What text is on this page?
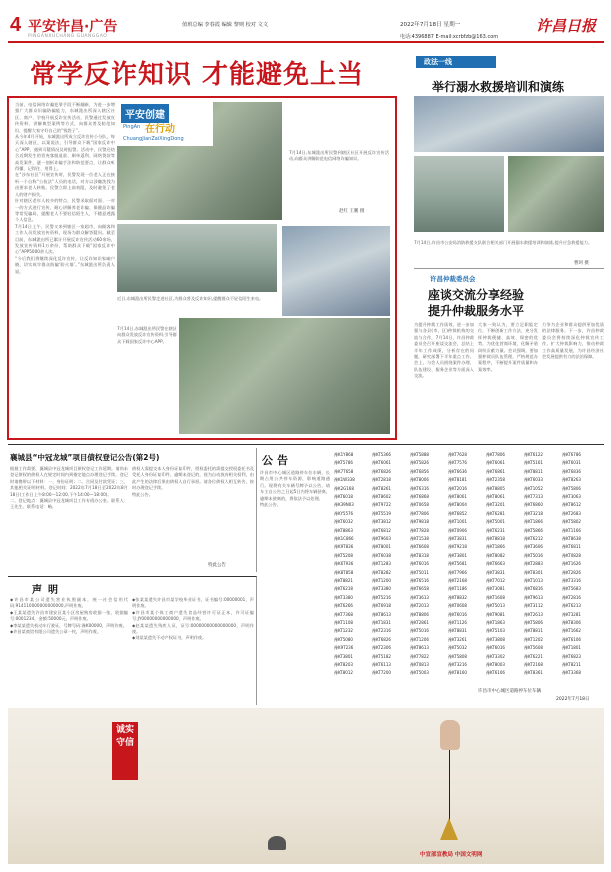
4 平安许昌·广告
PINGANXUCHANG GUANGGAO
值班总编 李春霞 编辑 黎则 校对 文文	2022年7月18日 星期一	许昌日报
电话:4396887 E-mail:xcrbfzb@163.com
常学反诈知识 才能避免上当
当前，电信网络诈骗犯罪手段不断翻新，为进一步增强广大群众识骗防骗能力，东城派出所深入辖区社区、商户、学校开展反诈宣传活动，民警通过发放宣传资料、讲解典型案例等方式，向群众普及防范知识，提醒大家守好自己的“钱袋子”。
从今年4月开始，东城派出所成立反诈宣传小分队，每天深入辖区，以案说法，引导群众下载“国家反诈中心”APP，遇到可疑情况及时报警。活动中，民警还结合近期发生的冒充客服退款、刷单返利、网络贷款等高发案件，逐一剖析诈骗手法和防范要点，让群众听得懂、记得住、用得上。
在“沙东社区”开展宣传时，民警发现一位老人正在接听一个自称“公检法”人员的电话，对方以涉嫌洗钱为由要求老人转账。民警立即上前劝阻，及时避免了老人的财产损失。
针对辖区老年人较多的特点，民警采取面对面、一对一的方式进行宣传，耐心讲解养老诈骗、保健品诈骗等常见骗局，提醒老人不要轻信陌生人，不随意透露个人信息。
7月14日上午，民警又来到辖区一家超市，向顾客和工作人员发放宣传资料，现场为群众解答疑问。截至目前，东城派出所已累计开展反诈宣传活动60余场，发放宣传资料1万余份，帮助群众下载“国家反诈中心”APP5000余人次。
“今后我们将继续深化反诈宣传，让反诈知识家喻户晓，切实筑牢群众防骗‘防火墙’。”东城派出所负责人说。
平安创建
PingAn 在行动
ChuangJianZaiXingDong
7月14日,东城派出所民警到辖区社区开展反诈宣传活动,向群众讲解防范电信网络诈骗知识。
赵红 王鹏 摄
近日,东城派出所民警走进社区,为群众普及反诈知识,提醒群众不轻信陌生来电。
7月14日,东城派出所民警在辖区向群众发放反诈宣传资料,引导群众下载国家反诈中心APP。
政法一线
举行溺水救援培训和演练
7月14日,许昌市公安局消防救援支队联合相关部门开展溺水救援培训和演练,提升应急救援能力。
曹珂 摄
许昌仲裁委员会
座谈交流分享经验
提升仲裁服务水平
为提升仲裁工作质效，进一步加强与各县(市、区)仲裁机构的交流与合作，7月14日，许昌仲裁委员会召开座谈交流会，总结上半年工作成绩，分析存在的问题，研究部署下半年重点工作。会上，与会人员围绕案件办理、队伍建设、服务企业等方面深入交流。
大家一致认为，要立足职能定位，不断创新工作方法，充分发挥仲裁便捷、高效、保密的优势，为优化营商环境、化解矛盾纠纷贡献力量。会议强调，要加强仲裁员队伍管理，严格规范办案程序，不断提升案件质量和办案效率。
力争为企业和群众提供更加优质的法律服务。下一步，许昌仲裁委员会将持续深化仲裁宣传工作，扩大仲裁影响力，推动仲裁工作高质量发展，为许昌经济社会发展提供有力的法治保障。
襄城县“中冠龙城”项目债权登记公告(第2号)
根据工作需要，襄城县中冠龙城项目债权登记工作延期。请尚未登记债权的债权人在规定时间内到指定地点办理登记手续。登记时请携带以下材料：一、身份证明；二、合同及付款凭证；三、其他相关证明材料。登记时间：2022年7月18日至2022年8月18日(工作日上午8:00—12:00,下午14:00—18:00)。
二、登记地点：襄城县中冠龙城项目工作专班办公室。联系人：王先生。联系电话：略。
债权人需提交本人身份证复印件，授权委托的需提交授权委托书及受托人身份证复印件。逾期未登记的，视为自动放弃相关权利，由此产生的法律后果由债权人自行承担。请各位债权人相互转告，按时办理登记手续。
特此公告。
特此公告
声明
◆许昌市某公司遗失营业执照副本，统一社会信用代码:914110000000000000,声明作废。
◆王某某遗失许昌市建安区某小区房屋购房收据一张，收据编号:0001234，金额:50000元，声明作废。
◆李某某遗失机动车行驶证，号牌号码:豫K00000，声明作废。
◆许昌某商贸有限公司遗失公章一枚，声明作废。
◆张某某遗失许昌市某学校毕业证书，证书编号:00000001，声明作废。
◆许昌市某个体工商户遗失食品经营许可证正本，许可证编号:JY00000000000000，声明作废。
◆赵某某遗失残疾人证，证号:00000000000000000，声明作废。
◆刘某某遗失不动产权证书，声明作废。
公告
许昌市中心城区道路停车位车辆，长期占用公共停车资源，影响道路通行。现将有关车辆号牌予以公告，请车主自公告之日起5日内将车辆驶离，逾期未驶离的，将依法予以处理。
特此公告。
许昌市中心城区道路停车位车辆
2022年7月18日
豫K1Y868
豫KT5786
豫K7T658
豫K1W338
豫K2G168
豫KT6018
豫K39N03
豫KY5576
豫KT6032
豫KT8863
豫K1C866
豫K9T836
豫KT5208
豫K6T936
豫K8T858
豫KT8821
豫KT6218
豫KT3380
豫KT6266
豫KT7368
豫KT1108
豫KT1232
豫KT5080
豫K9T236
豫KT3801
豫KT8203
豫KT8012
豫KT5366
豫KT6061
豫KT6826
豫KT2818
豫KT8261
豫KT8602
豫KT9722
豫KT5519
豫KT3812
豫KT6812
豫KT9603
豫KT8001
豫KT6038
豫KT1283
豫KT8282
豫KT1200
豫KT3380
豫KT5216
豫KT6918
豫KT8613
豫KT1831
豫KT2316
豫KT6826
豫KT2306
豫KT5182
豫KT6113
豫KT7200
豫KT5888
豫KT5826
豫KT6856
豫KT8006
豫KT6316
豫KT6868
豫KT0658
豫KT7806
豫KT9818
豫KT7828
豫KT1538
豫KT6608
豫KT8318
豫KT6016
豫KT5011
豫KT6516
豫KT6658
豫KT3613
豫KT2013
豫KT8806
豫KT2861
豫KT5016
豫KT1206
豫KT8613
豫KT7822
豫KT0813
豫KT5003
豫KT7628
豫KT7576
豫KT6636
豫KT8181
豫KT2016
豫KT8061
豫KT8004
豫KT6852
豫KT1001
豫KT0906
豫KT3831
豫KT9218
豫KT3801
豫KT5681
豫KT7966
豫KT2168
豫KT1186
豫KT8832
豫KT0608
豫KT6016
豫KT1126
豫KT8831
豫KT3261
豫KT5032
豫KT5808
豫KT3216
豫KT8160
豫KT7806
豫KT6061
豫KT6861
豫KT2358
豫KT8805
豫KT8061
豫KT3201
豫KT6281
豫KT5001
豫KT6231
豫KT8818
豫KT1866
豫KT8082
豫KT6663
豫KT3831
豫KT7012
豫KT3081
豫KT1608
豫KT5013
豫KT9081
豫KT1863
豫KT5103
豫KT3808
豫KT6016
豫KT3302
豫KT8003
豫KT6106
豫KT6122
豫KT5161
豫KT8811
豫KT6033
豫KT1052
豫KT7313
豫KT6860
豫KT3218
豫KT1866
豫KT5866
豫KT6212
豫KT3606
豫KT5016
豫KT2883
豫KT8301
豫KT1013
豫KT6816
豫KT9613
豫KT3112
豫KT2613
豫KT5806
豫KT8811
豫KT1202
豫KT5608
豫KT6221
豫KT2168
豫KT8361
豫KT6786
豫KT6031
豫KT6836
豫KT8263
豫KT5806
豫KT3063
豫KT8612
豫KT2683
豫KT5802
豫KT1166
豫KT8638
豫KT6811
豫KT0828
豫KT1626
豫KT2826
豫KT3316
豫KT5683
豫KT2816
豫KT6213
豫KT3281
豫KT8306
豫KT1662
豫KT6106
豫KT1801
豫KT6823
豫KT8211
豫KT3368
诚实守信
中宣部宣教局 中国文明网
